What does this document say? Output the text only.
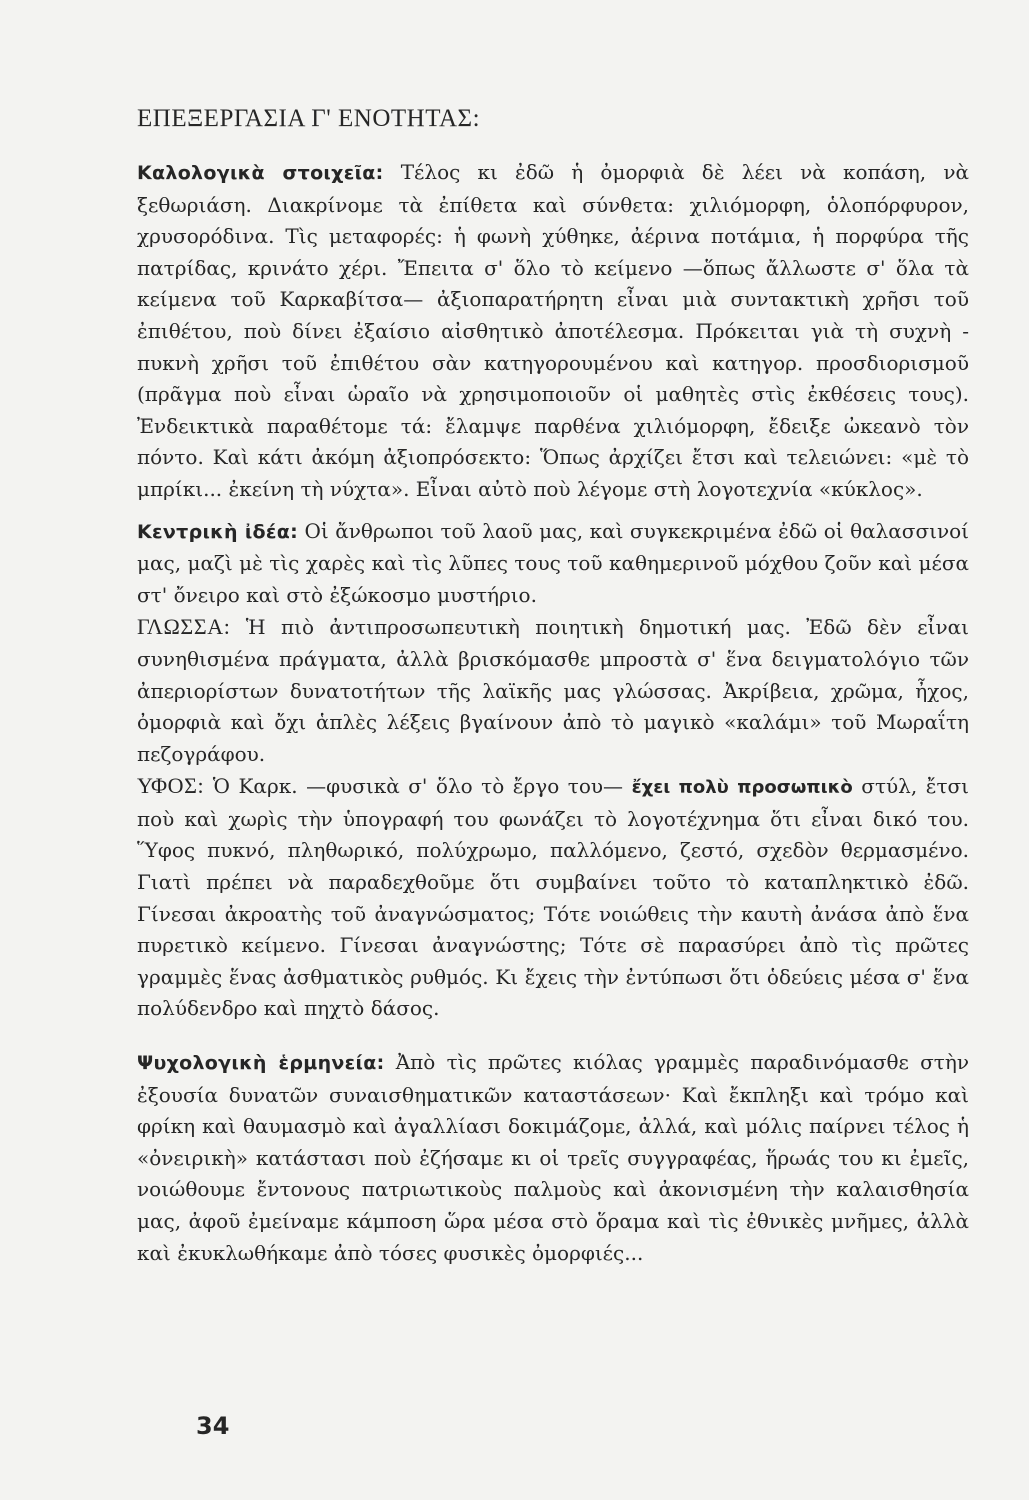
ΕΠΕΞΕΡΓΑΣΙΑ Γ' ΕΝΟΤΗΤΑΣ:

Καλολογικὰ στοιχεῖα: Τέλος κι ἐδῶ ἡ ὀμορφιὰ δὲ λέει νὰ κοπάση, νὰ ξεθωριάση. Διακρίνομε τὰ ἐπίθετα καὶ σύνθετα: χιλιόμορφη, ὁλοπόρφυρον, χρυσορόδινα. Τὶς μεταφορές: ἡ φωνὴ χύθηκε, ἀέρινα ποτάμια, ἡ πορφύρα τῆς πατρίδας, κρινάτο χέρι. Ἔπειτα σ' ὅλο τὸ κείμενο —ὅπως ἄλλωστε σ' ὅλα τὰ κείμενα τοῦ Καρκαβίτσα— ἀξιοπαρατήρητη εἶναι μιὰ συντακτικὴ χρῆσι τοῦ ἐπιθέτου, ποὺ δίνει ἐξαίσιο αἰσθητικὸ ἀποτέλεσμα. Πρόκειται γιὰ τὴ συχνὴ - πυκνὴ χρῆσι τοῦ ἐπιθέτου σὰν κατηγορουμένου καὶ κατηγορ. προσδιορισμοῦ (πρᾶγμα ποὺ εἶναι ὡραῖο νὰ χρησιμοποιοῦν οἱ μαθητὲς στὶς ἐκθέσεις τους). Ἐνδεικτικὰ παραθέτομε τά: ἔλαμψε παρθένα χιλιόμορφη, ἔδειξε ὠκεανὸ τὸν πόντο. Καὶ κάτι ἀκόμη ἀξιοπρόσεκτο: Ὅπως ἀρχίζει ἔτσι καὶ τελειώνει: «μὲ τὸ μπρίκι... ἐκείνη τὴ νύχτα». Εἶναι αὐτὸ ποὺ λέγομε στὴ λογοτεχνία «κύκλος».

Κεντρικὴ ἰδέα: Οἱ ἄνθρωποι τοῦ λαοῦ μας, καὶ συγκεκριμένα ἐδῶ οἱ θαλασσινοί μας, μαζὶ μὲ τὶς χαρὲς καὶ τὶς λῦπες τους τοῦ καθημερινοῦ μόχθου ζοῦν καὶ μέσα στ' ὄνειρο καὶ στὸ ἐξώκοσμο μυστήριο.

ΓΛΩΣΣΑ: Ἡ πιὸ ἀντιπροσωπευτικὴ ποιητικὴ δημοτική μας. Ἐδῶ δὲν εἶναι συνηθισμένα πράγματα, ἀλλὰ βρισκόμασθε μπροστὰ σ' ἕνα δειγματολόγιο τῶν ἀπεριορίστων δυνατοτήτων τῆς λαϊκῆς μας γλώσσας. Ἀκρίβεια, χρῶμα, ἦχος, ὀμορφιὰ καὶ ὄχι ἁπλὲς λέξεις βγαίνουν ἀπὸ τὸ μαγικὸ «καλάμι» τοῦ Μωραΐτη πεζογράφου.

ΥΦΟΣ: Ὁ Καρκ. —φυσικὰ σ' ὅλο τὸ ἔργο του— ἔχει πολὺ προσωπικὸ στύλ, ἔτσι ποὺ καὶ χωρὶς τὴν ὑπογραφή του φωνάζει τὸ λογοτέχνημα ὅτι εἶναι δικό του. Ὕφος πυκνό, πληθωρικό, πολύχρωμο, παλλόμενο, ζεστό, σχεδὸν θερμασμένο. Γιατὶ πρέπει νὰ παραδεχθοῦμε ὅτι συμβαίνει τοῦτο τὸ καταπληκτικὸ ἐδῶ. Γίνεσαι ἀκροατὴς τοῦ ἀναγνώσματος; Τότε νοιώθεις τὴν καυτὴ ἀνάσα ἀπὸ ἕνα πυρετικὸ κείμενο. Γίνεσαι ἀναγνώστης; Τότε σὲ παρασύρει ἀπὸ τὶς πρῶτες γραμμὲς ἕνας ἀσθματικὸς ρυθμός. Κι ἔχεις τὴν ἐντύπωσι ὅτι ὁδεύεις μέσα σ' ἕνα πολύδενδρο καὶ πηχτὸ δάσος.

Ψυχολογικὴ ἑρμηνεία: Ἀπὸ τὶς πρῶτες κιόλας γραμμὲς παραδινόμασθε στὴν ἐξουσία δυνατῶν συναισθηματικῶν καταστάσεων· Καὶ ἔκπληξι καὶ τρόμο καὶ φρίκη καὶ θαυμασμὸ καὶ ἀγαλλίασι δοκιμάζομε, ἀλλά, καὶ μόλις παίρνει τέλος ἡ «ὀνειρικὴ» κατάστασι ποὺ ἐζήσαμε κι οἱ τρεῖς συγγραφέας, ἥρωάς του κι ἐμεῖς, νοιώθουμε ἔντονους πατριωτικοὺς παλμοὺς καὶ ἀκονισμένη τὴν καλαισθησία μας, ἀφοῦ ἐμείναμε κάμποση ὥρα μέσα στὸ ὅραμα καὶ τὶς ἐθνικὲς μνῆμες, ἀλλὰ καὶ ἐκυκλωθήκαμε ἀπὸ τόσες φυσικὲς ὀμορφιές...

34
